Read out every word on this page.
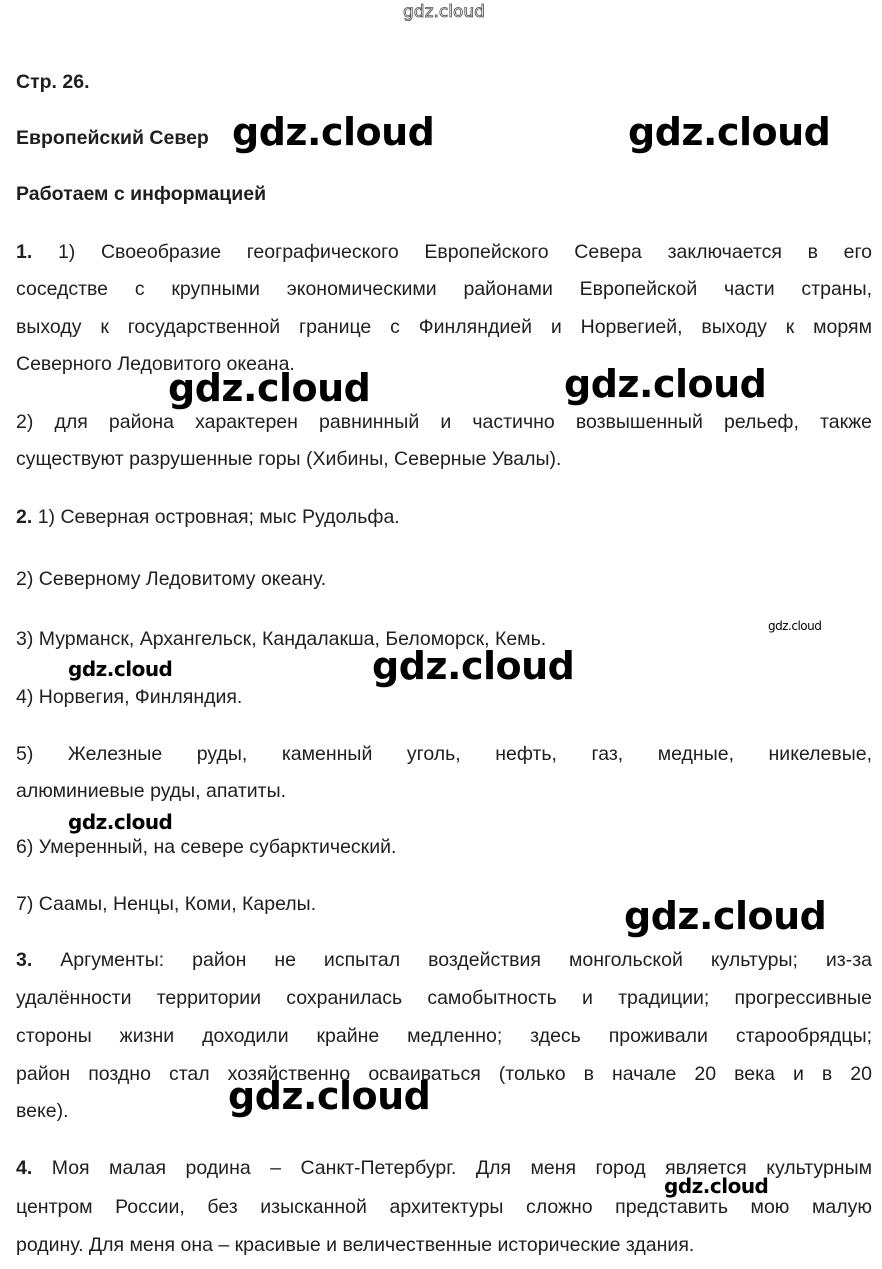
gdz.cloud
Стр. 26.
Европейский Север
Работаем с информацией
1. 1) Своеобразие географического Европейского Севера заключается в его
соседстве с крупными экономическими районами Европейской части страны,
выходу к государственной границе с Финляндией и Норвегией, выходу к морям
Северного Ледовитого океана.
2) для района характерен равнинный и частично возвышенный рельеф, также
существуют разрушенные горы (Хибины, Северные Увалы).
2. 1) Северная островная; мыс Рудольфа.
2) Северному Ледовитому океану.
3) Мурманск, Архангельск, Кандалакша, Беломорск, Кемь.
4) Норвегия, Финляндия.
5) Железные руды, каменный уголь, нефть, газ, медные, никелевые,
алюминиевые руды, апатиты.
6) Умеренный, на севере субарктический.
7) Саамы, Ненцы, Коми, Карелы.
3. Аргументы: район не испытал воздействия монгольской культуры; из-за
удалённости территории сохранилась самобытность и традиции; прогрессивные
стороны жизни доходили крайне медленно; здесь проживали старообрядцы;
район поздно стал хозяйственно осваиваться (только в начале 20 века и в 20
веке).
4. Моя малая родина – Санкт-Петербург. Для меня город является культурным
центром России, без изысканной архитектуры сложно представить мою малую
родину. Для меня она – красивые и величественные исторические здания.
gdz.cloud	gdz.cloud
gdz.cloud	gdz.cloud
gdz.cloud
gdz.cloud	gdz.cloud
gdz.cloud
gdz.cloud
gdz.cloud
gdz.cloud
